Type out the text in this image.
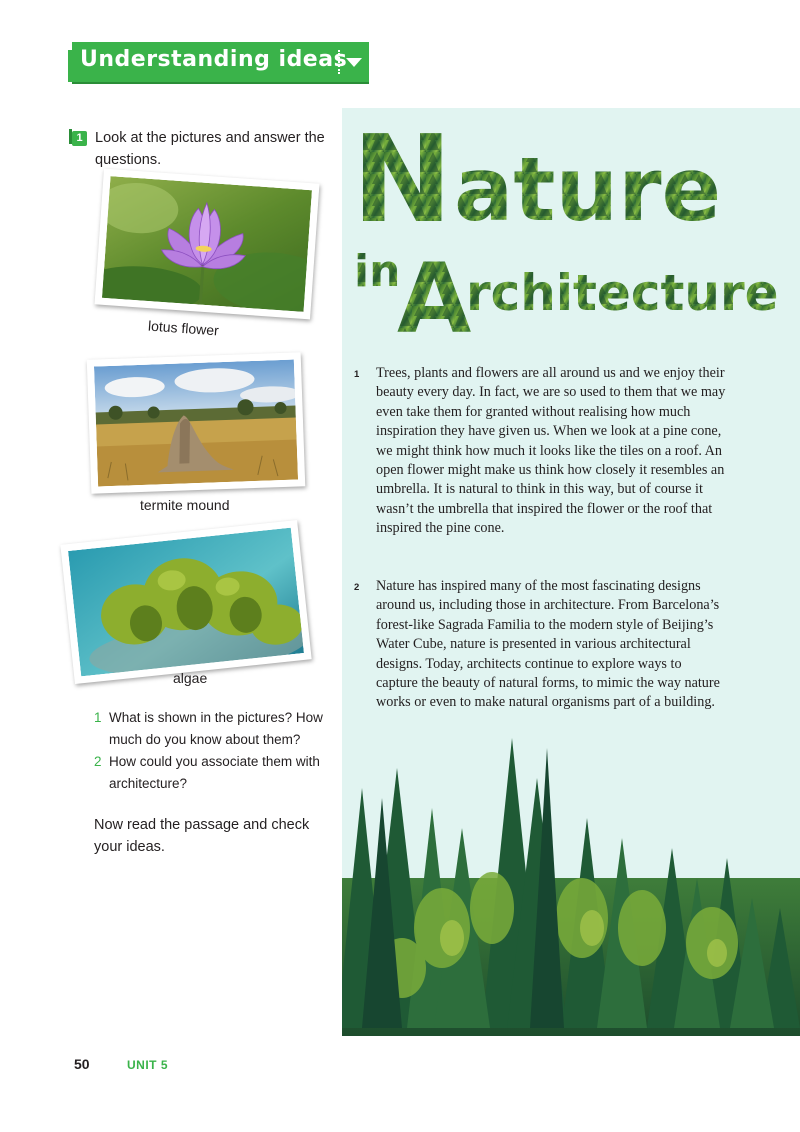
Understanding ideas
1 Look at the pictures and answer the questions.
lotus flower
termite mound
algae
1 What is shown in the pictures? How much do you know about them?
2 How could you associate them with architecture?
Now read the passage and check your ideas.
N ature
in
A
rchitecture
1 Trees, plants and flowers are all around us and we enjoy their beauty every day. In fact, we are so used to them that we may even take them for granted without realising how much inspiration they have given us. When we look at a pine cone, we might think how much it looks like the tiles on a roof. An open flower might make us think how closely it resembles an umbrella. It is natural to think in this way, but of course it wasn’t the umbrella that inspired the flower or the roof that inspired the pine cone.
2 Nature has inspired many of the most fascinating designs around us, including those in architecture. From Barcelona’s forest-like Sagrada Familia to the modern style of Beijing’s Water Cube, nature is presented in various architectural designs. Today, architects continue to explore ways to capture the beauty of natural forms, to mimic the way nature works or even to make natural organisms part of a building.
50	UNIT 5
